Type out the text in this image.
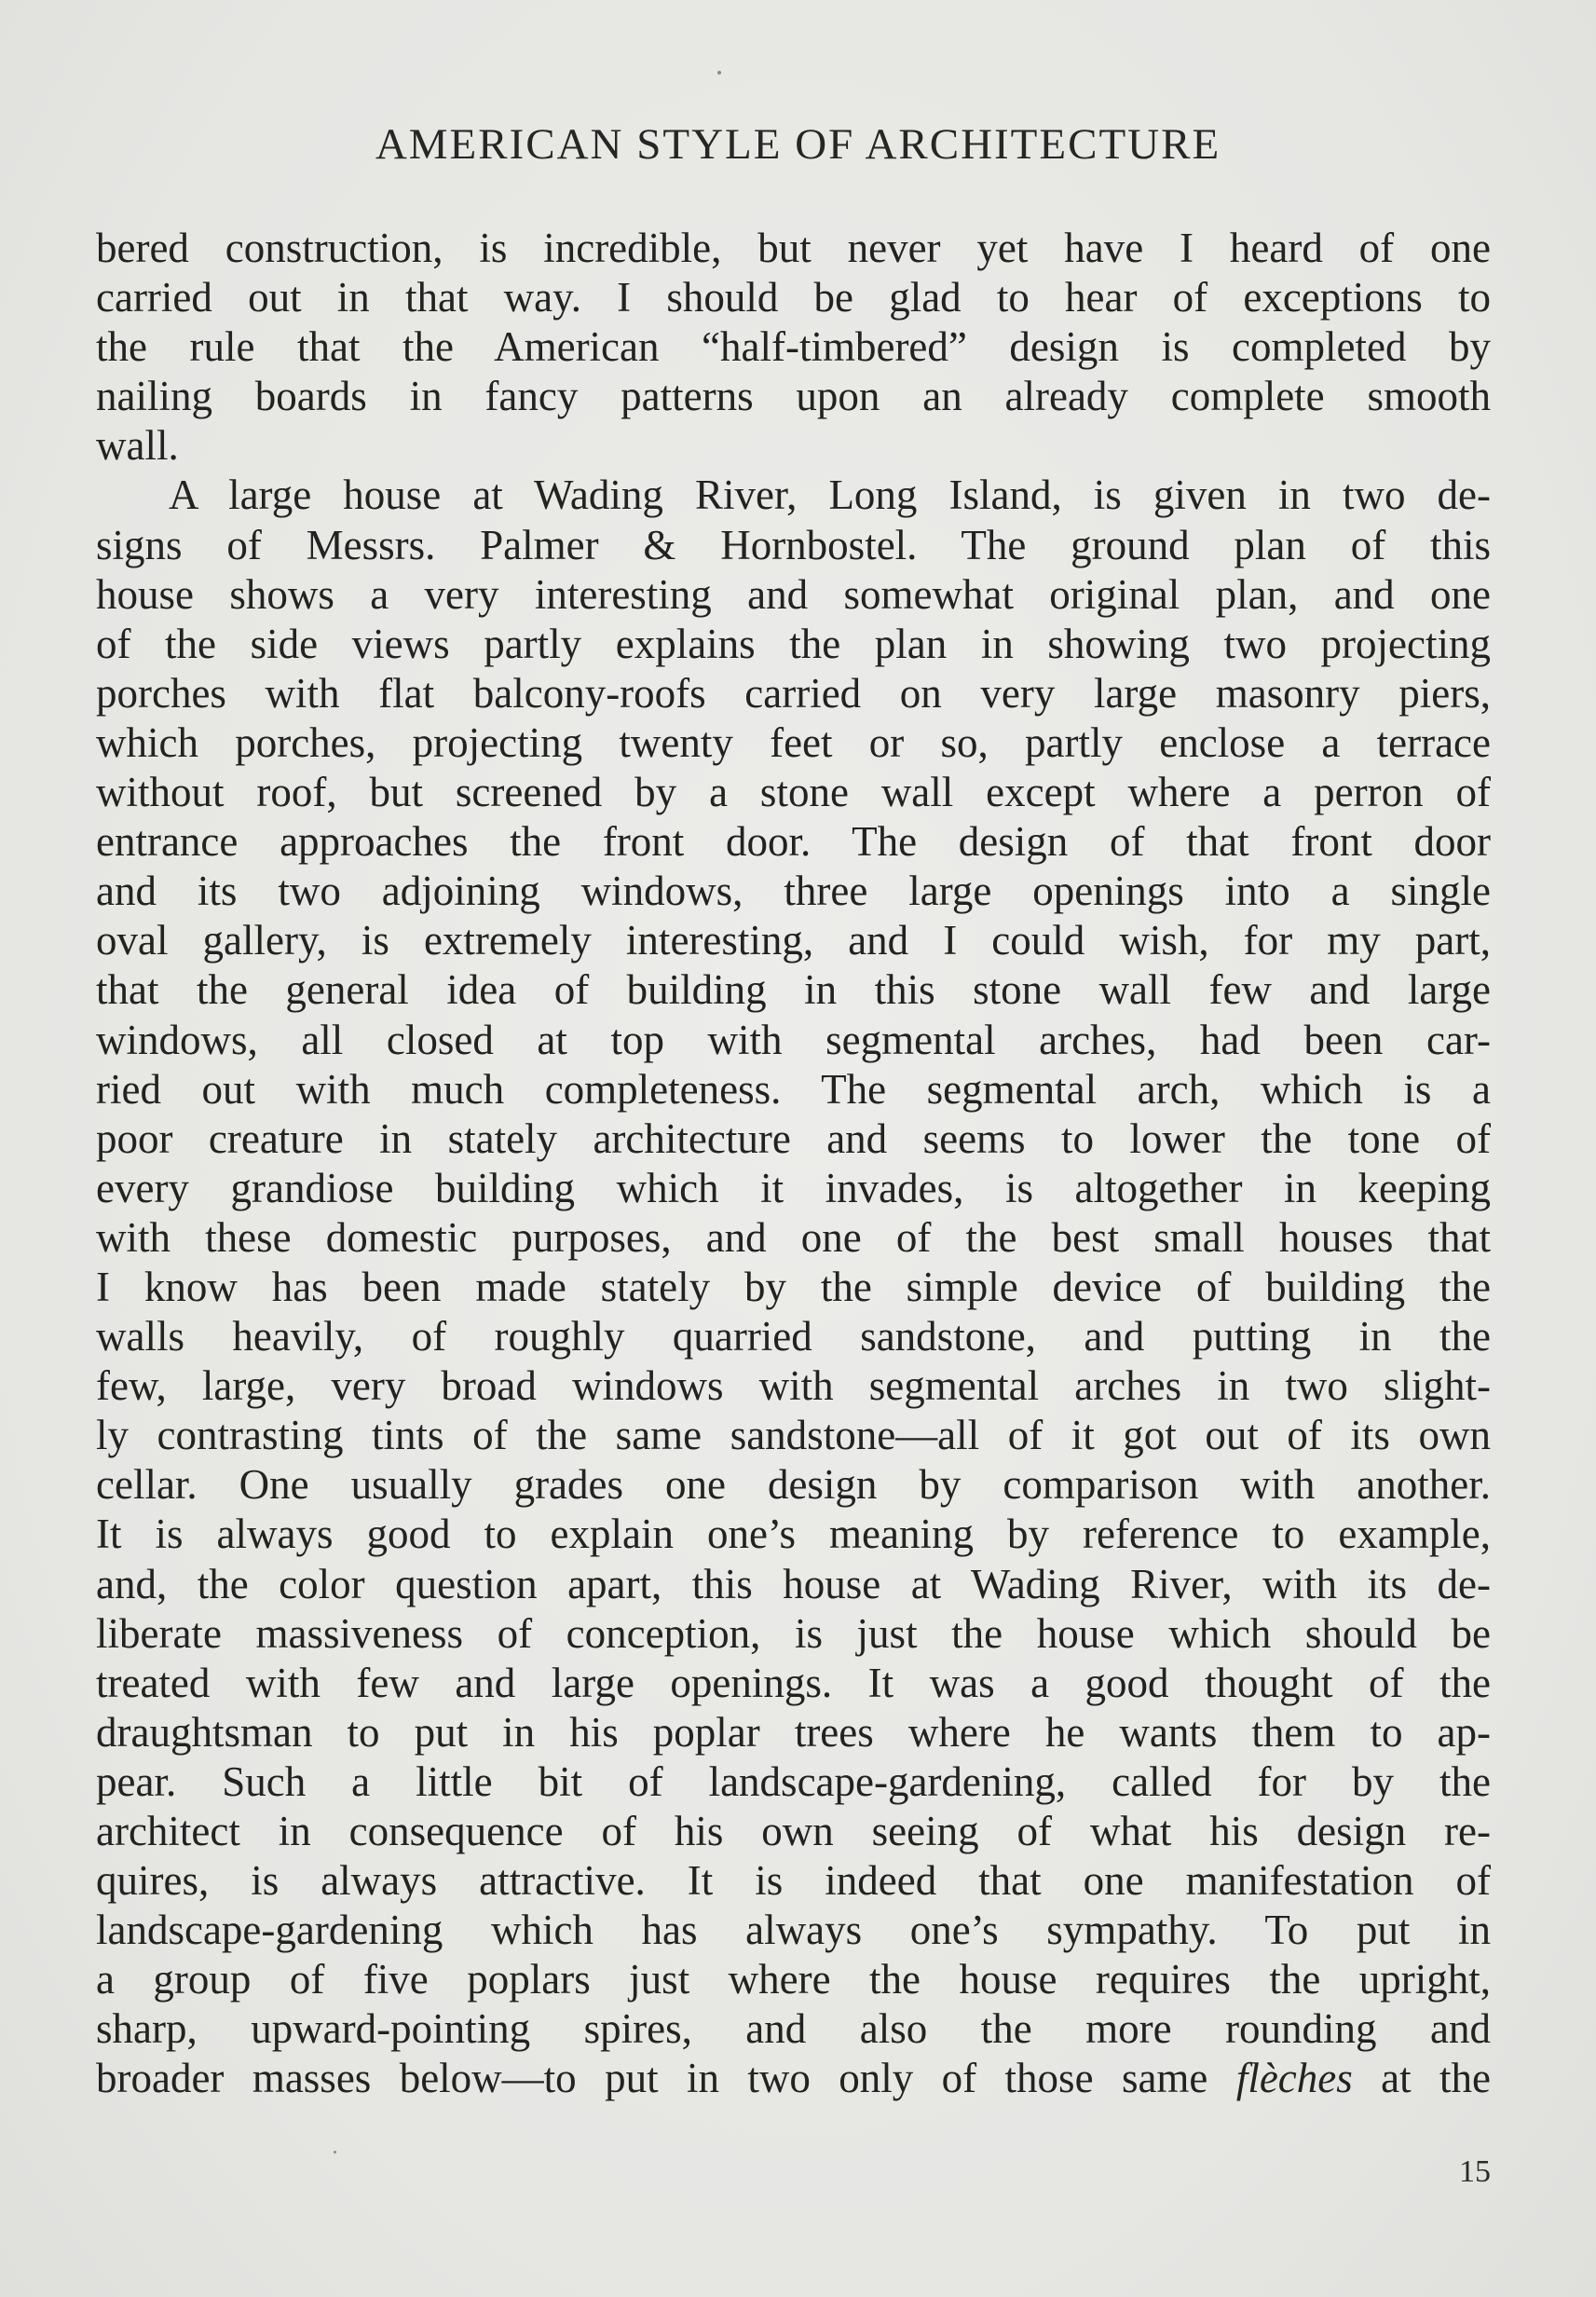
AMERICAN STYLE OF ARCHITECTURE
bered construction, is incredible, but never yet have I heard of one
carried out in that way. I should be glad to hear of exceptions to
the rule that the American “half-timbered” design is completed by
nailing boards in fancy patterns upon an already complete smooth
wall.
A large house at Wading River, Long Island, is given in two de-
signs of Messrs. Palmer & Hornbostel. The ground plan of this
house shows a very interesting and somewhat original plan, and one
of the side views partly explains the plan in showing two projecting
porches with flat balcony-roofs carried on very large masonry piers,
which porches, projecting twenty feet or so, partly enclose a terrace
without roof, but screened by a stone wall except where a perron of
entrance approaches the front door. The design of that front door
and its two adjoining windows, three large openings into a single
oval gallery, is extremely interesting, and I could wish, for my part,
that the general idea of building in this stone wall few and large
windows, all closed at top with segmental arches, had been car-
ried out with much completeness. The segmental arch, which is a
poor creature in stately architecture and seems to lower the tone of
every grandiose building which it invades, is altogether in keeping
with these domestic purposes, and one of the best small houses that
I know has been made stately by the simple device of building the
walls heavily, of roughly quarried sandstone, and putting in the
few, large, very broad windows with segmental arches in two slight-
ly contrasting tints of the same sandstone—all of it got out of its own
cellar. One usually grades one design by comparison with another.
It is always good to explain one’s meaning by reference to example,
and, the color question apart, this house at Wading River, with its de-
liberate massiveness of conception, is just the house which should be
treated with few and large openings. It was a good thought of the
draughtsman to put in his poplar trees where he wants them to ap-
pear. Such a little bit of landscape-gardening, called for by the
architect in consequence of his own seeing of what his design re-
quires, is always attractive. It is indeed that one manifestation of
landscape-gardening which has always one’s sympathy. To put in
a group of five poplars just where the house requires the upright,
sharp, upward-pointing spires, and also the more rounding and
broader masses below—to put in two only of those same flèches at the
15
